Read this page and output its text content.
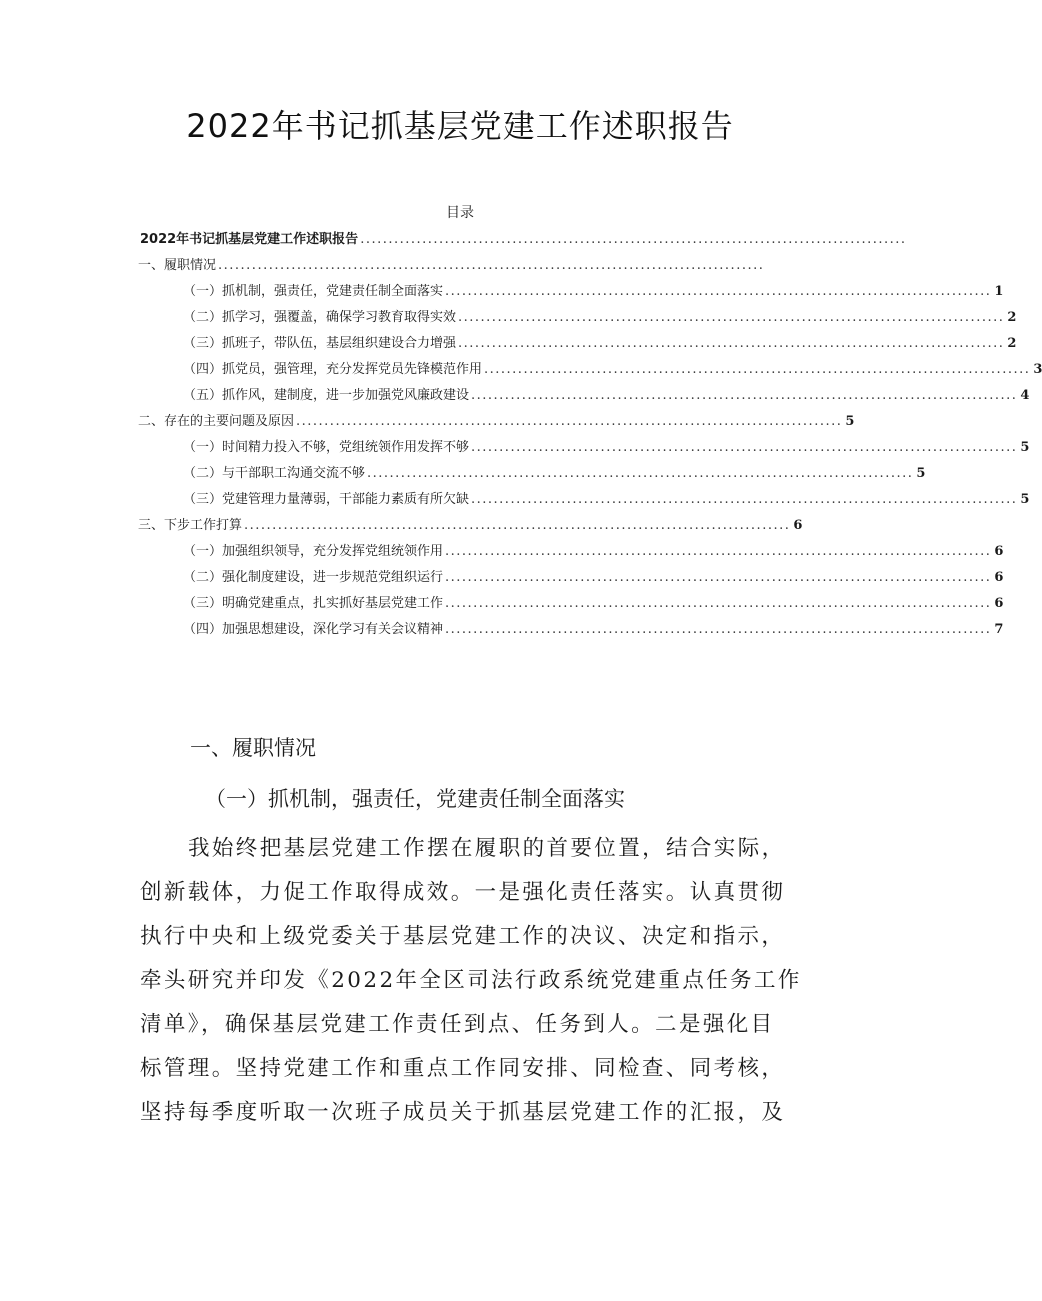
2022年书记抓基层党建工作述职报告
目录
2022年书记抓基层党建工作述职报告 .................................................................................................
一、履职情况 .................................................................................................
（一）抓机制，强责任，党建责任制全面落实 ................................................................................................. 1
（二）抓学习，强覆盖，确保学习教育取得实效 ................................................................................................. 2
（三）抓班子，带队伍，基层组织建设合力增强 ................................................................................................. 2
（四）抓党员，强管理，充分发挥党员先锋模范作用 ................................................................................................. 3
（五）抓作风，建制度，进一步加强党风廉政建设 ................................................................................................. 4
二、存在的主要问题及原因 ................................................................................................. 5
（一）时间精力投入不够，党组统领作用发挥不够 ................................................................................................. 5
（二）与干部职工沟通交流不够 ................................................................................................. 5
（三）党建管理力量薄弱，干部能力素质有所欠缺 ................................................................................................. 5
三、下步工作打算 ................................................................................................. 6
（一）加强组织领导，充分发挥党组统领作用 ................................................................................................. 6
（二）强化制度建设，进一步规范党组织运行 ................................................................................................. 6
（三）明确党建重点，扎实抓好基层党建工作 ................................................................................................. 6
（四）加强思想建设，深化学习有关会议精神 ................................................................................................. 7
一、履职情况
（一）抓机制，强责任，党建责任制全面落实
我始终把基层党建工作摆在履职的首要位置，结合实际，
创新载体，力促工作取得成效。一是强化责任落实。认真贯彻
执行中央和上级党委关于基层党建工作的决议、决定和指示，
牵头研究并印发《2022年全区司法行政系统党建重点任务工作
清单》，确保基层党建工作责任到点、任务到人。二是强化目
标管理。坚持党建工作和重点工作同安排、同检查、同考核，
坚持每季度听取一次班子成员关于抓基层党建工作的汇报，及
